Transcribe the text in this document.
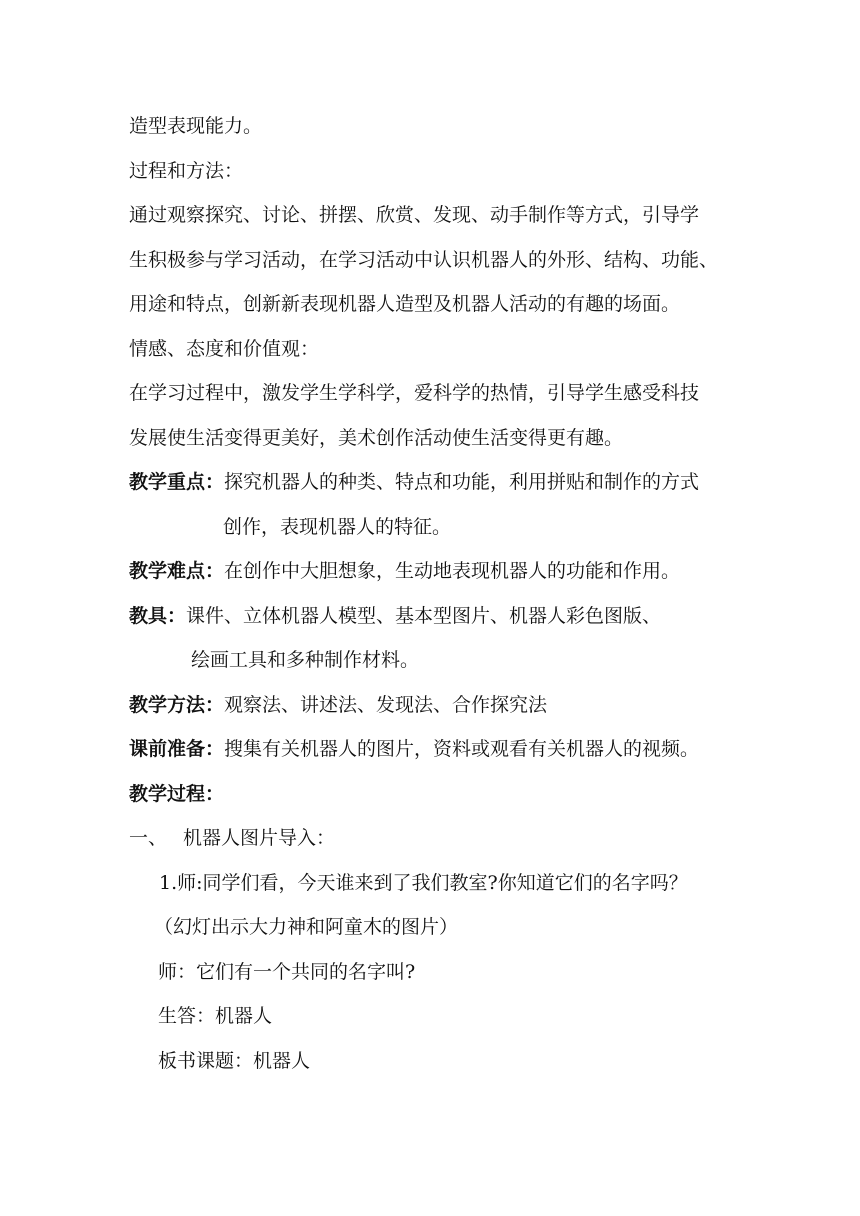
造型表现能力。
过程和方法：
通过观察探究、讨论、拼摆、欣赏、发现、动手制作等方式，引导学
生积极参与学习活动，在学习活动中认识机器人的外形、结构、功能、
用途和特点，创新新表现机器人造型及机器人活动的有趣的场面。
情感、态度和价值观：
在学习过程中，激发学生学科学，爱科学的热情，引导学生感受科技
发展使生活变得更美好，美术创作活动使生活变得更有趣。
教学重点：探究机器人的种类、特点和功能，利用拼贴和制作的方式
创作，表现机器人的特征。
教学难点：在创作中大胆想象，生动地表现机器人的功能和作用。
教具：课件、立体机器人模型、基本型图片、机器人彩色图版、
绘画工具和多种制作材料。
教学方法：观察法、讲述法、发现法、合作探究法
课前准备：搜集有关机器人的图片，资料或观看有关机器人的视频。
教学过程：
一、 机器人图片导入：
1.师:同学们看，今天谁来到了我们教室?你知道它们的名字吗？
（幻灯出示大力神和阿童木的图片）
师：它们有一个共同的名字叫?
生答：机器人
板书课题：机器人
